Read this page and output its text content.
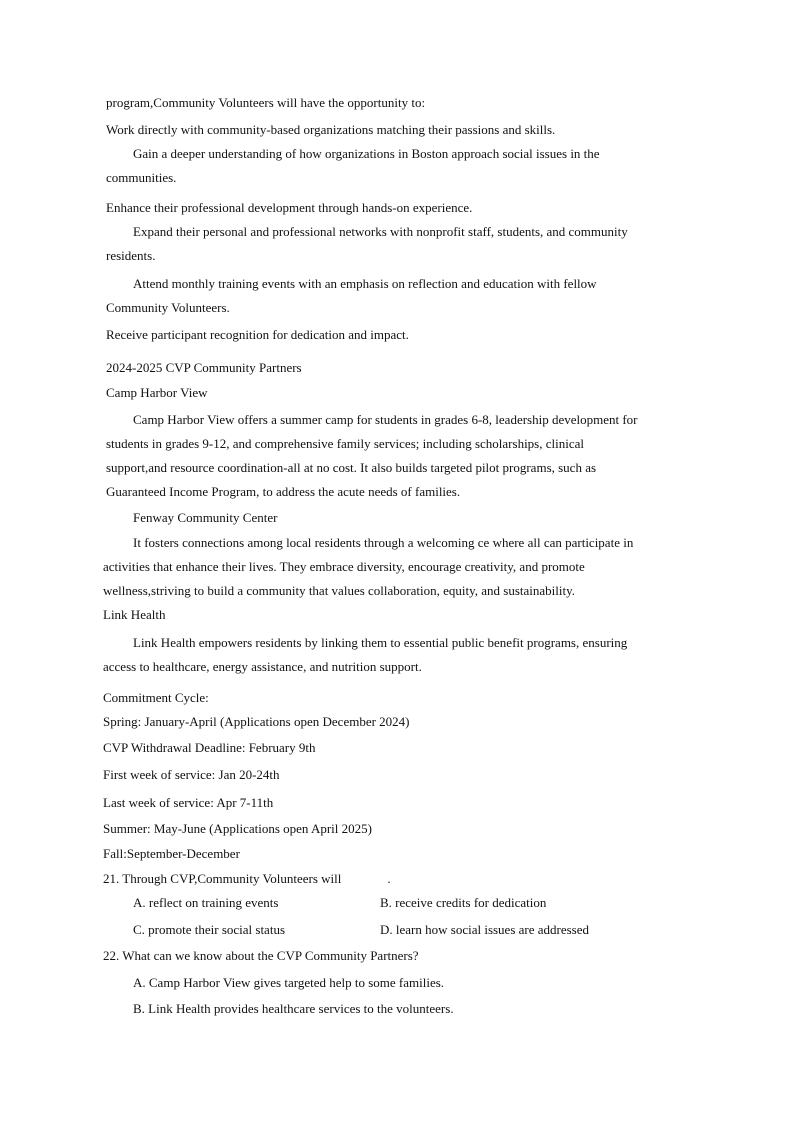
program,Community Volunteers will have the opportunity to:
Work directly with community-based organizations matching their passions and skills.
Gain a deeper understanding of how organizations in Boston approach social issues in the
communities.
Enhance their professional development through hands-on experience.
Expand their personal and professional networks with nonprofit staff, students, and community
residents.
Attend monthly training events with an emphasis on reflection and education with fellow
Community Volunteers.
Receive participant recognition for dedication and impact.
2024-2025 CVP Community Partners
Camp Harbor View
Camp Harbor View offers a summer camp for students in grades 6-8, leadership development for
students in grades 9-12, and comprehensive family services; including scholarships, clinical
support,and resource coordination-all at no cost. It also builds targeted pilot programs, such as
Guaranteed Income Program, to address the acute needs of families.
Fenway Community Center
It fosters connections among local residents through a welcoming ce where all can participate in
activities that enhance their lives. They embrace diversity, encourage creativity, and promote
wellness,striving to build a community that values collaboration, equity, and sustainability.
Link Health
Link Health empowers residents by linking them to essential public benefit programs, ensuring
access to healthcare, energy assistance, and nutrition support.
Commitment Cycle:
Spring: January-April (Applications open December 2024)
CVP Withdrawal Deadline: February 9th
First week of service: Jan 20-24th
Last week of service: Apr 7-11th
Summer: May-June (Applications open April 2025)
Fall:September-December
21. Through CVP,Community Volunteers will	.
A. reflect on training events	B. receive credits for dedication
C. promote their social status	D. learn how social issues are addressed
22. What can we know about the CVP Community Partners?
A. Camp Harbor View gives targeted help to some families.
B. Link Health provides healthcare services to the volunteers.
